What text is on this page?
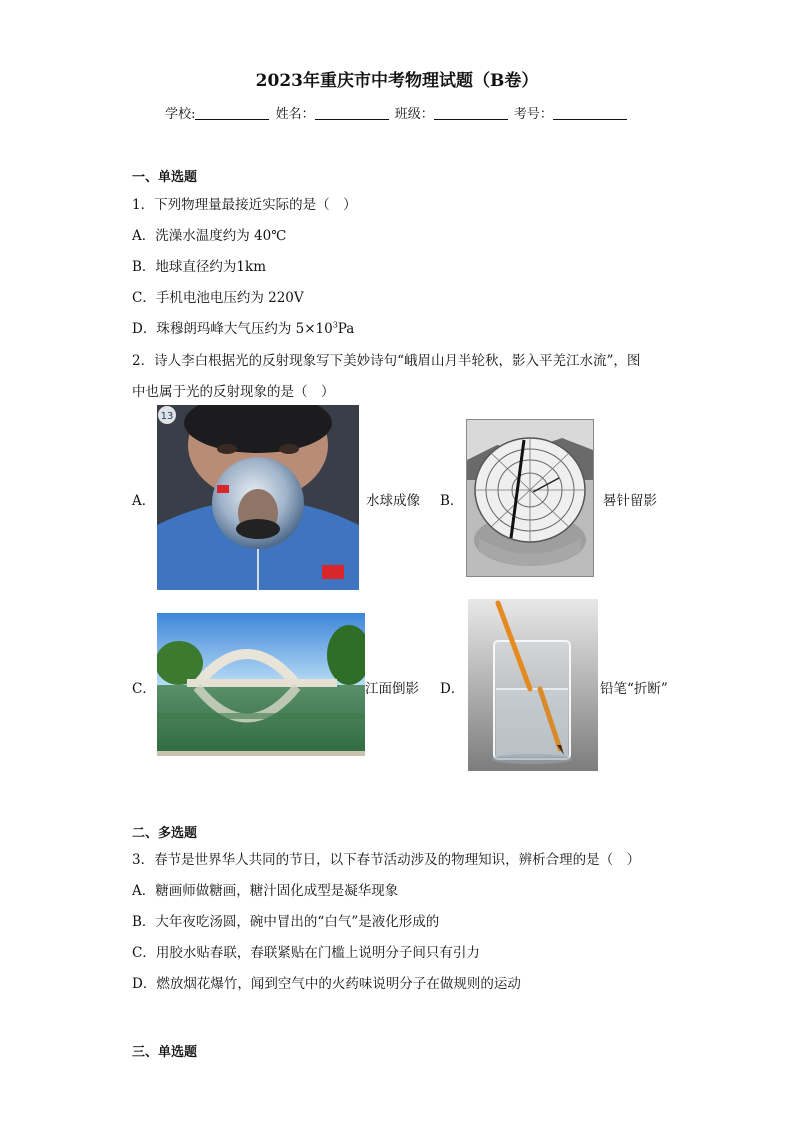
2023年重庆市中考物理试题（B卷）
学校:	姓名：	班级：	考号：
一、单选题
1．下列物理量最接近实际的是（　）
A．洗澡水温度约为 40℃
B．地球直径约为1km
C．手机电池电压约为 220V
D．珠穆朗玛峰大气压约为 $5\times 10^3Pa$
2．诗人李白根据光的反射现象写下美妙诗句“峨眉山月半轮秋，影入平羌江水流”，图
中也属于光的反射现象的是（　）
A．
13
水球成像 B．	晷针留影
C．	江面倒影 D．	铅笔“折断”
二、多选题
3．春节是世界华人共同的节日，以下春节活动涉及的物理知识，辨析合理的是（　）
A．糖画师做糖画，糖汁固化成型是凝华现象
B．大年夜吃汤圆，碗中冒出的“白气”是液化形成的
C．用胶水贴春联，春联紧贴在门槛上说明分子间只有引力
D．燃放烟花爆竹，闻到空气中的火药味说明分子在做规则的运动
三、单选题
